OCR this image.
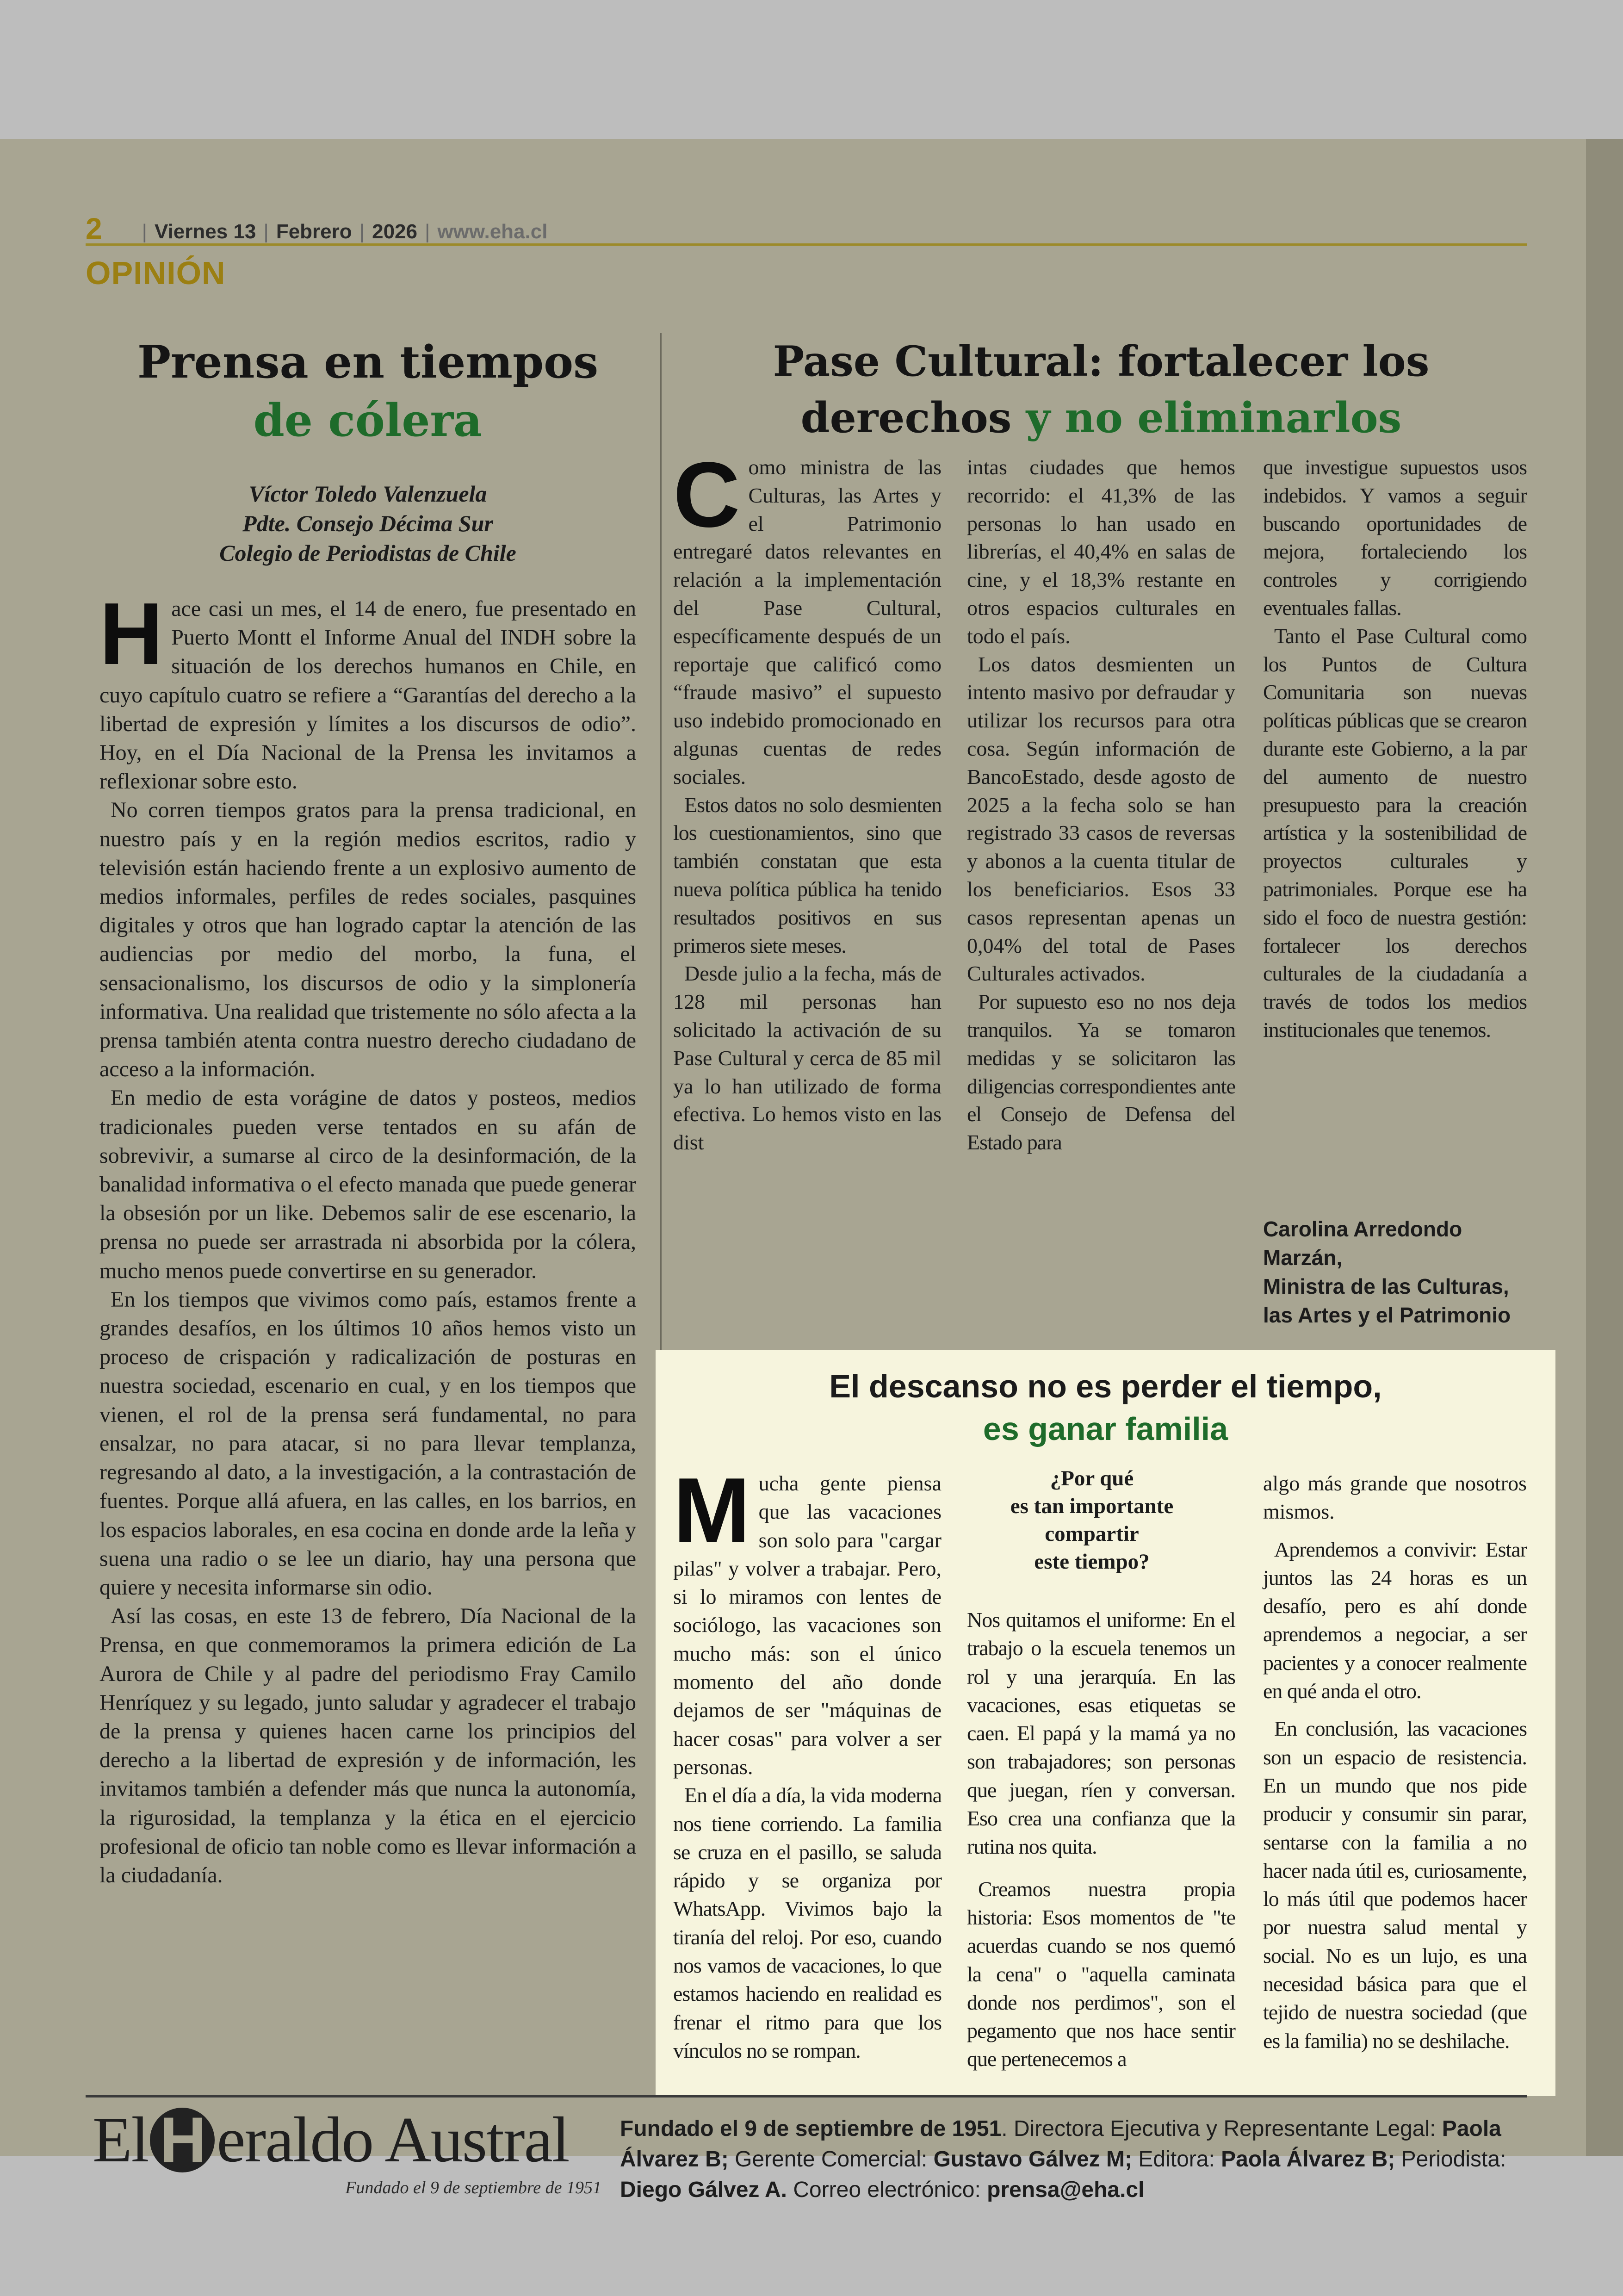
2 | Viernes 13 | Febrero | 2026 | www.eha.cl
OPINIÓN
Prensa en tiempos
de cólera
Víctor Toledo Valenzuela
Pdte. Consejo Décima Sur
Colegio de Periodistas de Chile

Hace casi un mes, el 14 de enero, fue presentado en Puerto Montt el Informe Anual del INDH sobre la situación de los derechos humanos en Chile, en cuyo capítulo cuatro se refiere a “Garantías del derecho a la libertad de expresión y límites a los discursos de odio”. Hoy, en el Día Nacional de la Prensa les invitamos a reflexionar sobre esto.

No corren tiempos gratos para la prensa tradicional, en nuestro país y en la región medios escritos, radio y televisión están haciendo frente a un explosivo aumento de medios informales, perfiles de redes sociales, pasquines digitales y otros que han logrado captar la atención de las audiencias por medio del morbo, la funa, el sensacionalismo, los discursos de odio y la simplonería informativa. Una realidad que tristemente no sólo afecta a la prensa también atenta contra nuestro derecho ciudadano de acceso a la información.

En medio de esta vorágine de datos y posteos, medios tradicionales pueden verse tentados en su afán de sobrevivir, a sumarse al circo de la desinformación, de la banalidad informativa o el efecto manada que puede generar la obsesión por un like. Debemos salir de ese escenario, la prensa no puede ser arrastrada ni absorbida por la cólera, mucho menos puede convertirse en su generador.

En los tiempos que vivimos como país, estamos frente a grandes desafíos, en los últimos 10 años hemos visto un proceso de crispación y radicalización de posturas en nuestra sociedad, escenario en cual, y en los tiempos que vienen, el rol de la prensa será fundamental, no para ensalzar, no para atacar, si no para llevar templanza, regresando al dato, a la investigación, a la contrastación de fuentes. Porque allá afuera, en las calles, en los barrios, en los espacios laborales, en esa cocina en donde arde la leña y suena una radio o se lee un diario, hay una persona que quiere y necesita informarse sin odio.

Así las cosas, en este 13 de febrero, Día Nacional de la Prensa, en que conmemoramos la primera edición de La Aurora de Chile y al padre del periodismo Fray Camilo Henríquez y su legado, junto saludar y agradecer el trabajo de la prensa y quienes hacen carne los principios del derecho a la libertad de expresión y de información, les invitamos también a defender más que nunca la autonomía, la rigurosidad, la templanza y la ética en el ejercicio profesional de oficio tan noble como es llevar información a la ciudadanía.

Pase Cultural: fortalecer los
derechos y no eliminarlos

Como ministra de las Culturas, las Artes y el Patrimonio entregaré datos relevantes en relación a la implementación del Pase Cultural, específicamente después de un reportaje que calificó como “fraude masivo” el supuesto uso indebido promocionado en algunas cuentas de redes sociales.

Estos datos no solo desmienten los cuestionamientos, sino que también constatan que esta nueva política pública ha tenido resultados positivos en sus primeros siete meses.

Desde julio a la fecha, más de 128 mil personas han solicitado la activación de su Pase Cultural y cerca de 85 mil ya lo han utilizado de forma efectiva. Lo hemos visto en las dist

intas ciudades que hemos recorrido: el 41,3% de las personas lo han usado en librerías, el 40,4% en salas de cine, y el 18,3% restante en otros espacios culturales en todo el país.

Los datos desmienten un intento masivo por defraudar y utilizar los recursos para otra cosa. Según información de BancoEstado, desde agosto de 2025 a la fecha solo se han registrado 33 casos de reversas y abonos a la cuenta titular de los beneficiarios. Esos 33 casos representan apenas un 0,04% del total de Pases Culturales activados.

Por supuesto eso no nos deja tranquilos. Ya se tomaron medidas y se solicitaron las diligencias correspondientes ante el Consejo de Defensa del Estado para

que investigue supuestos usos indebidos. Y vamos a seguir buscando oportunidades de mejora, fortaleciendo los controles y corrigiendo eventuales fallas.

Tanto el Pase Cultural como los Puntos de Cultura Comunitaria son nuevas políticas públicas que se crearon durante este Gobierno, a la par del aumento de nuestro presupuesto para la creación artística y la sostenibilidad de proyectos culturales y patrimoniales. Porque ese ha sido el foco de nuestra gestión: fortalecer los derechos culturales de la ciudadanía a través de todos los medios institucionales que tenemos.

Carolina Arredondo
Marzán,
Ministra de las Culturas,
las Artes y el Patrimonio
El descanso no es perder el tiempo,
es ganar familia

Mucha gente piensa que las vacaciones son solo para "cargar pilas" y volver a trabajar. Pero, si lo miramos con lentes de sociólogo, las vacaciones son mucho más: son el único momento del año donde dejamos de ser "máquinas de hacer cosas" para volver a ser personas.

En el día a día, la vida moderna nos tiene corriendo. La familia se cruza en el pasillo, se saluda rápido y se organiza por WhatsApp. Vivimos bajo la tiranía del reloj. Por eso, cuando nos vamos de vacaciones, lo que estamos haciendo en realidad es frenar el ritmo para que los vínculos no se rompan.

¿Por qué
es tan importante
compartir
este tiempo?

Nos quitamos el uniforme: En el trabajo o la escuela tenemos un rol y una jerarquía. En las vacaciones, esas etiquetas se caen. El papá y la mamá ya no son trabajadores; son personas que juegan, ríen y conversan. Eso crea una confianza que la rutina nos quita.

Creamos nuestra propia historia: Esos momentos de "te acuerdas cuando se nos quemó la cena" o "aquella caminata donde nos perdimos", son el pegamento que nos hace sentir que pertenecemos a

algo más grande que nosotros mismos.

Aprendemos a convivir: Estar juntos las 24 horas es un desafío, pero es ahí donde aprendemos a negociar, a ser pacientes y a conocer realmente en qué anda el otro.

En conclusión, las vacaciones son un espacio de resistencia. En un mundo que nos pide producir y consumir sin parar, sentarse con la familia a no hacer nada útil es, curiosamente, lo más útil que podemos hacer por nuestra salud mental y social. No es un lujo, es una necesidad básica para que el tejido de nuestra sociedad (que es la familia) no se deshilache.

El H eraldo Austral
Fundado el 9 de septiembre de 1951
Fundado el 9 de septiembre de 1951. Directora Ejecutiva y Representante Legal: Paola Álvarez B; Gerente Comercial: Gustavo Gálvez M; Editora: Paola Álvarez B; Periodista: Diego Gálvez A. Correo electrónico: prensa@eha.cl
